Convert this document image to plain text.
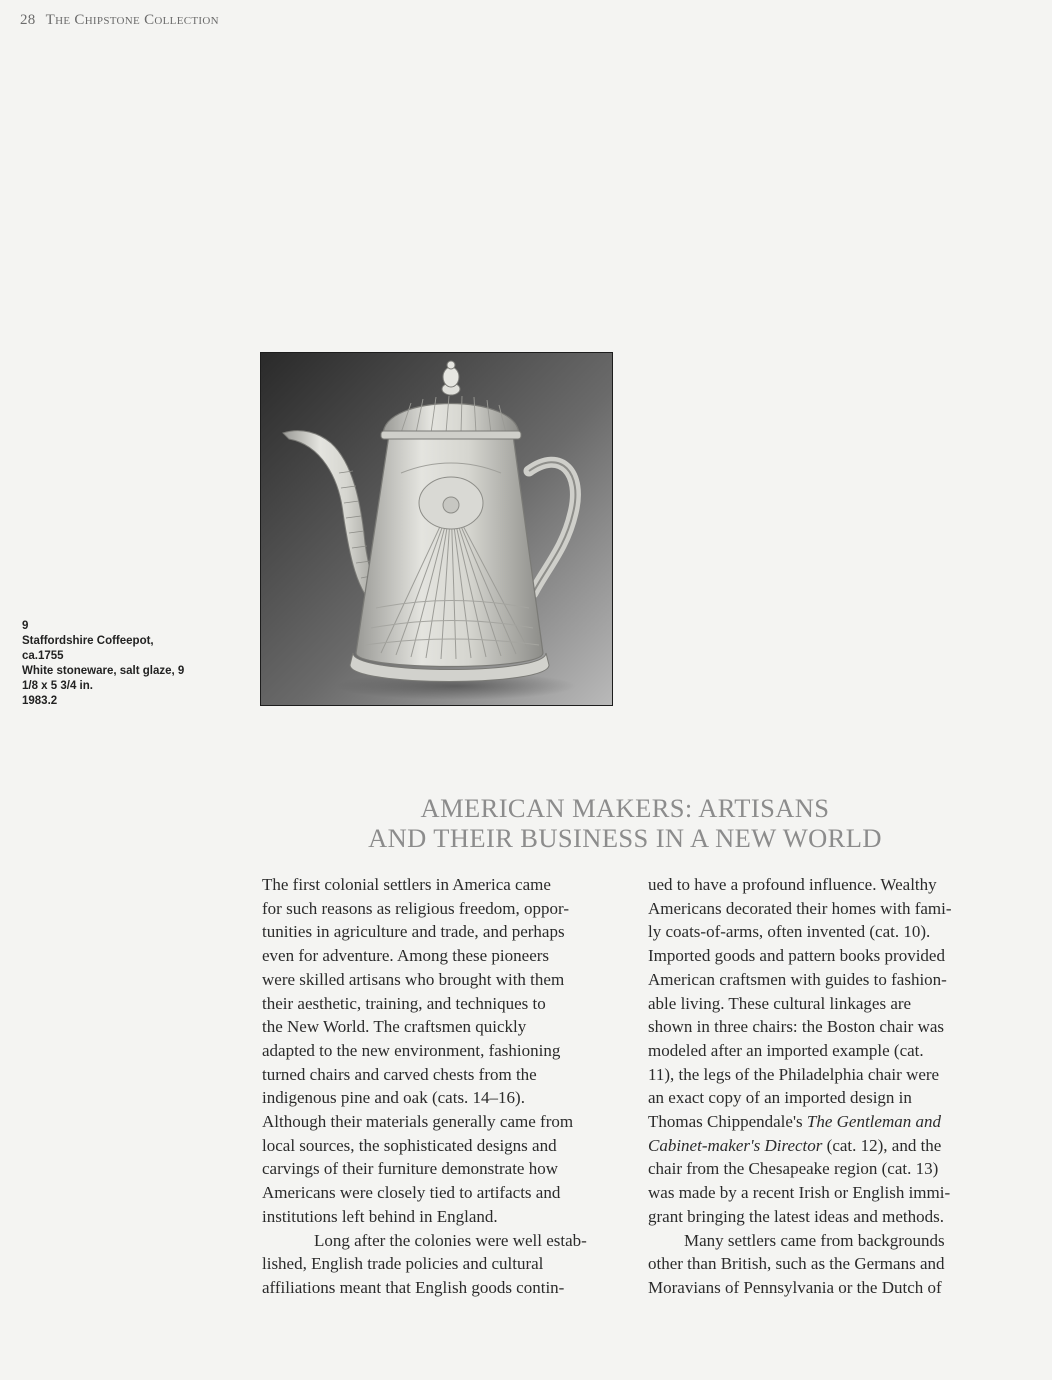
28 The Chipstone Collection
9
Staffordshire Coffeepot,
ca.1755
White stoneware, salt glaze, 9
1/8 x 5 3/4 in.
1983.2
AMERICAN MAKERS: ARTISANS
AND THEIR BUSINESS IN A NEW WORLD
The first colonial settlers in America came
for such reasons as religious freedom, oppor-
tunities in agriculture and trade, and perhaps
even for adventure. Among these pioneers
were skilled artisans who brought with them
their aesthetic, training, and techniques to
the New World. The craftsmen quickly
adapted to the new environment, fashioning
turned chairs and carved chests from the
indigenous pine and oak (cats. 14–16).
Although their materials generally came from
local sources, the sophisticated designs and
carvings of their furniture demonstrate how
Americans were closely tied to artifacts and
institutions left behind in England.
Long after the colonies were well estab-
lished, English trade policies and cultural
affiliations meant that English goods contin-
ued to have a profound influence. Wealthy
Americans decorated their homes with fami-
ly coats-of-arms, often invented (cat. 10).
Imported goods and pattern books provided
American craftsmen with guides to fashion-
able living. These cultural linkages are
shown in three chairs: the Boston chair was
modeled after an imported example (cat.
11), the legs of the Philadelphia chair were
an exact copy of an imported design in
Thomas Chippendale's The Gentleman and
Cabinet-maker's Director (cat. 12), and the
chair from the Chesapeake region (cat. 13)
was made by a recent Irish or English immi-
grant bringing the latest ideas and methods.
Many settlers came from backgrounds
other than British, such as the Germans and
Moravians of Pennsylvania or the Dutch of
